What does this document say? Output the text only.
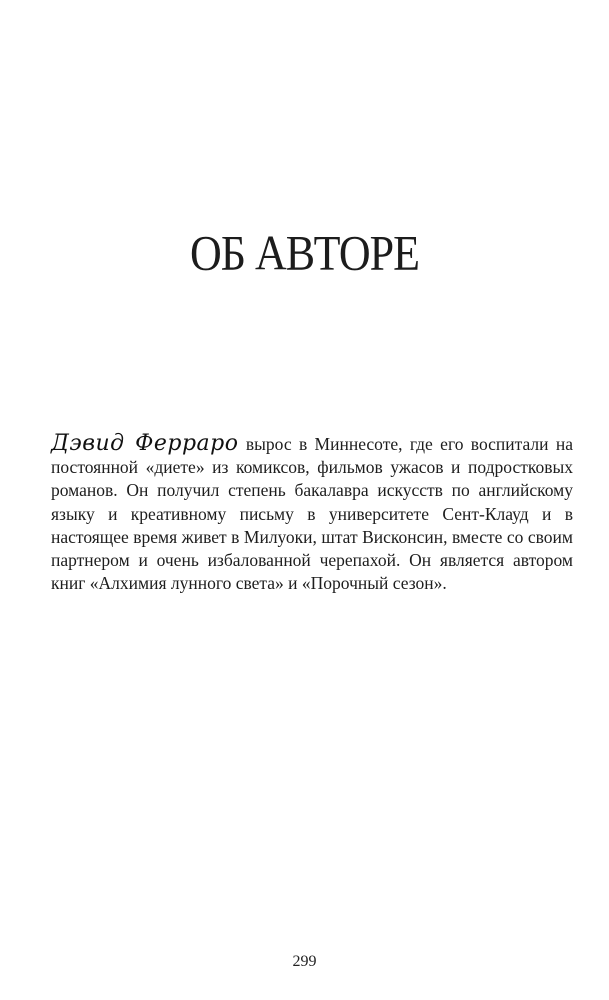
ОБ АВТОРЕ

Дэвид Ферраро вырос в Миннесоте, где его воспитали на постоянной «диете» из комиксов, фильмов ужасов и подростковых романов. Он получил степень бакалавра искусств по английскому языку и креативному письму в университете Сент-Клауд и в настоящее время живет в Милуоки, штат Висконсин, вместе со своим партнером и очень избалованной черепахой. Он является автором книг «Алхимия лунного света» и «Порочный сезон».

299
